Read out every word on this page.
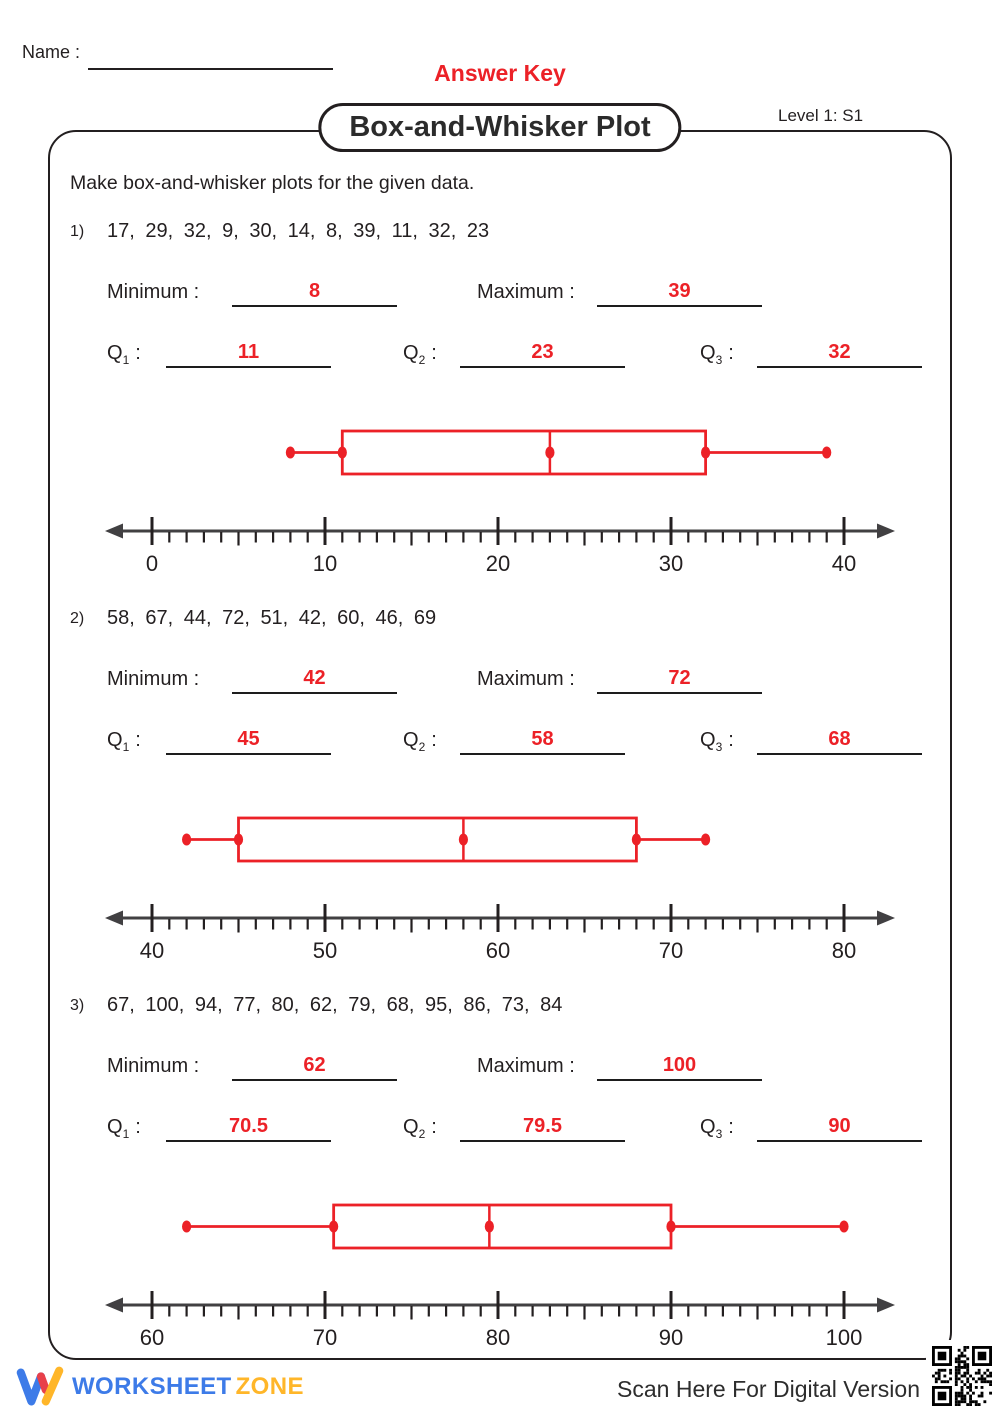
Name :
Answer Key
Level 1: S1
Box-and-Whisker Plot
Make box-and-whisker plots for the given data.
1) 17, 29, 32, 9, 30, 14, 8, 39, 11, 32, 23
Minimum :	8	Maximum :	39
$Q_1$ :	11	$Q_2$ :	23	$Q_3$ :	32
0	10	20	30	40
2) 58, 67, 44, 72, 51, 42, 60, 46, 69
Minimum :	42	Maximum :	72
$Q_1$ :	45	$Q_2$ :	58	$Q_3$ :	68
40	50	60	70	80
3) 67, 100, 94, 77, 80, 62, 79, 68, 95, 86, 73, 84
Minimum :	62	Maximum :	100
$Q_1$ :	70.5	$Q_2$ :	79.5	$Q_3$ :	90
60	70	80	90	100
WORKSHEET ZONE	Scan Here For Digital Version
